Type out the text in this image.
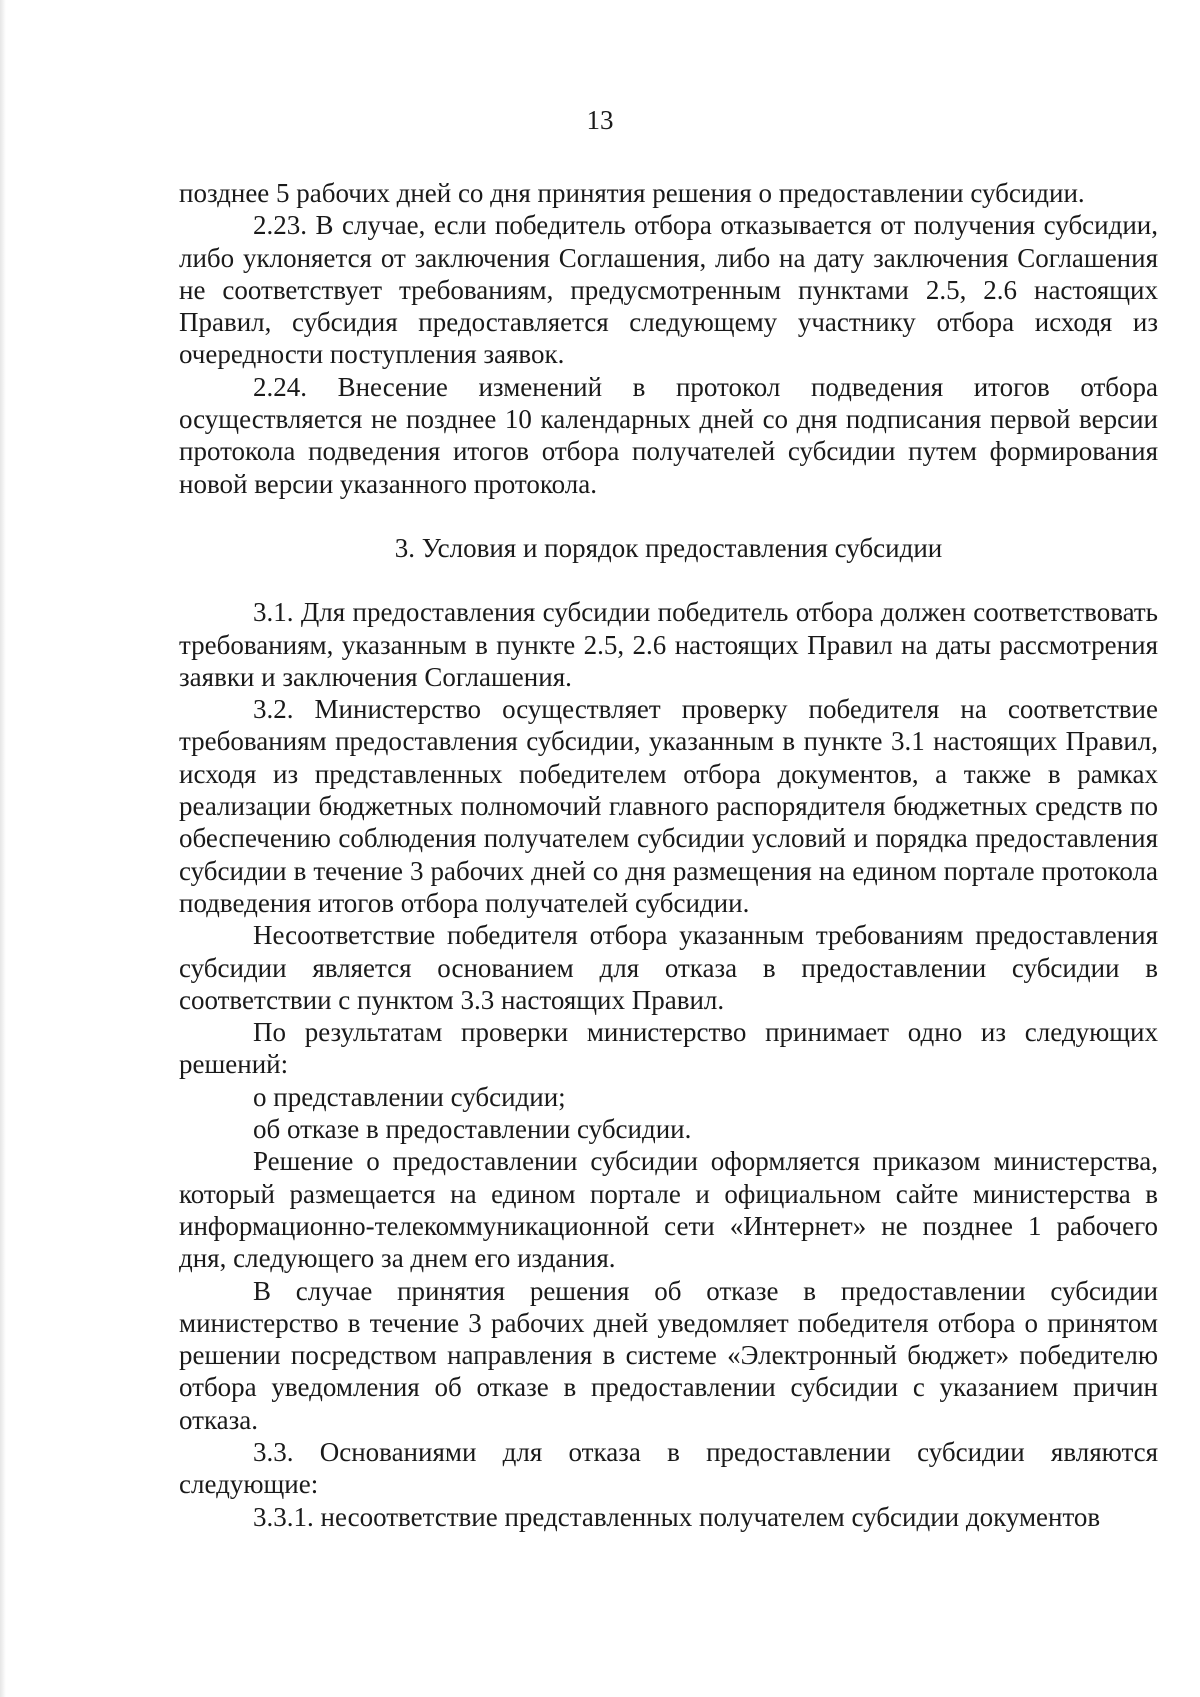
13

позднее 5 рабочих дней со дня принятия решения о предоставлении субсидии.

2.23. В случае, если победитель отбора отказывается от получения субсидии, либо уклоняется от заключения Соглашения, либо на дату заключения Соглашения не соответствует требованиям, предусмотренным пунктами 2.5, 2.6 настоящих Правил, субсидия предоставляется следующему участнику отбора исходя из очередности поступления заявок.

2.24. Внесение изменений в протокол подведения итогов отбора осуществляется не позднее 10 календарных дней со дня подписания первой версии протокола подведения итогов отбора получателей субсидии путем формирования новой версии указанного протокола.

3. Условия и порядок предоставления субсидии

3.1. Для предоставления субсидии победитель отбора должен соответствовать требованиям, указанным в пункте 2.5, 2.6 настоящих Правил на даты рассмотрения заявки и заключения Соглашения.

3.2. Министерство осуществляет проверку победителя на соответствие требованиям предоставления субсидии, указанным в пункте 3.1 настоящих Правил, исходя из представленных победителем отбора документов, а также в рамках реализации бюджетных полномочий главного распорядителя бюджетных средств по обеспечению соблюдения получателем субсидии условий и порядка предоставления субсидии в течение 3 рабочих дней со дня размещения на едином портале протокола подведения итогов отбора получателей субсидии.

Несоответствие победителя отбора указанным требованиям предоставления субсидии является основанием для отказа в предоставлении субсидии в соответствии с пунктом 3.3 настоящих Правил.

По результатам проверки министерство принимает одно из следующих решений:

о представлении субсидии;

об отказе в предоставлении субсидии.

Решение о предоставлении субсидии оформляется приказом министерства, который размещается на едином портале и официальном сайте министерства в информационно-телекоммуникационной сети «Интернет» не позднее 1 рабочего дня, следующего за днем его издания.

В случае принятия решения об отказе в предоставлении субсидии министерство в течение 3 рабочих дней уведомляет победителя отбора о принятом решении посредством направления в системе «Электронный бюджет» победителю отбора уведомления об отказе в предоставлении субсидии с указанием причин отказа.

3.3. Основаниями для отказа в предоставлении субсидии являются следующие:

3.3.1. несоответствие представленных получателем субсидии документов
